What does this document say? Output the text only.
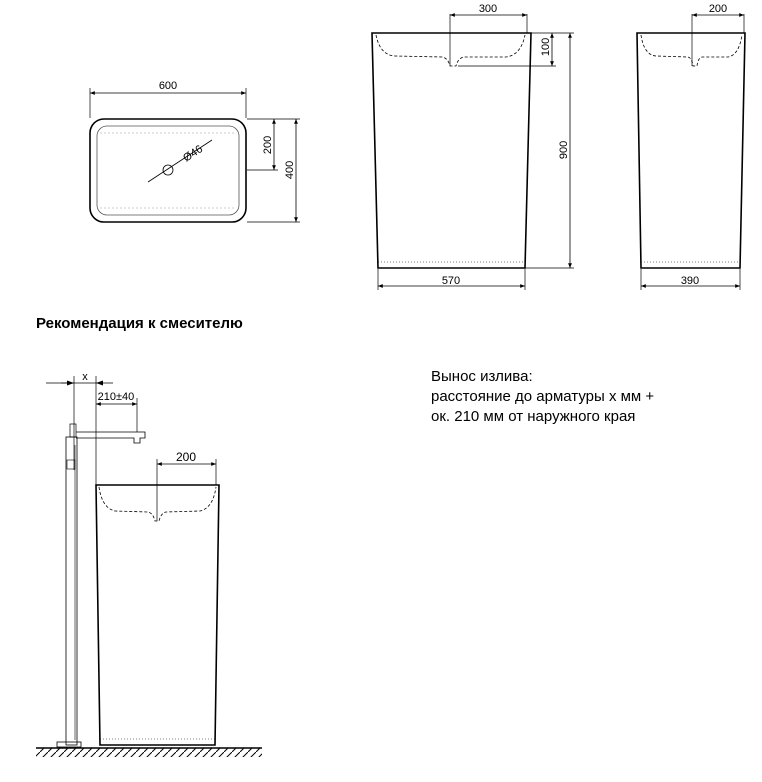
Ø46
600
200
400
300
100
900
570
200
390
x
210±40
200
Рекомендация к смесителю
Вынос излива:
расстояние до арматуры x мм +
ок. 210 мм от наружного края
